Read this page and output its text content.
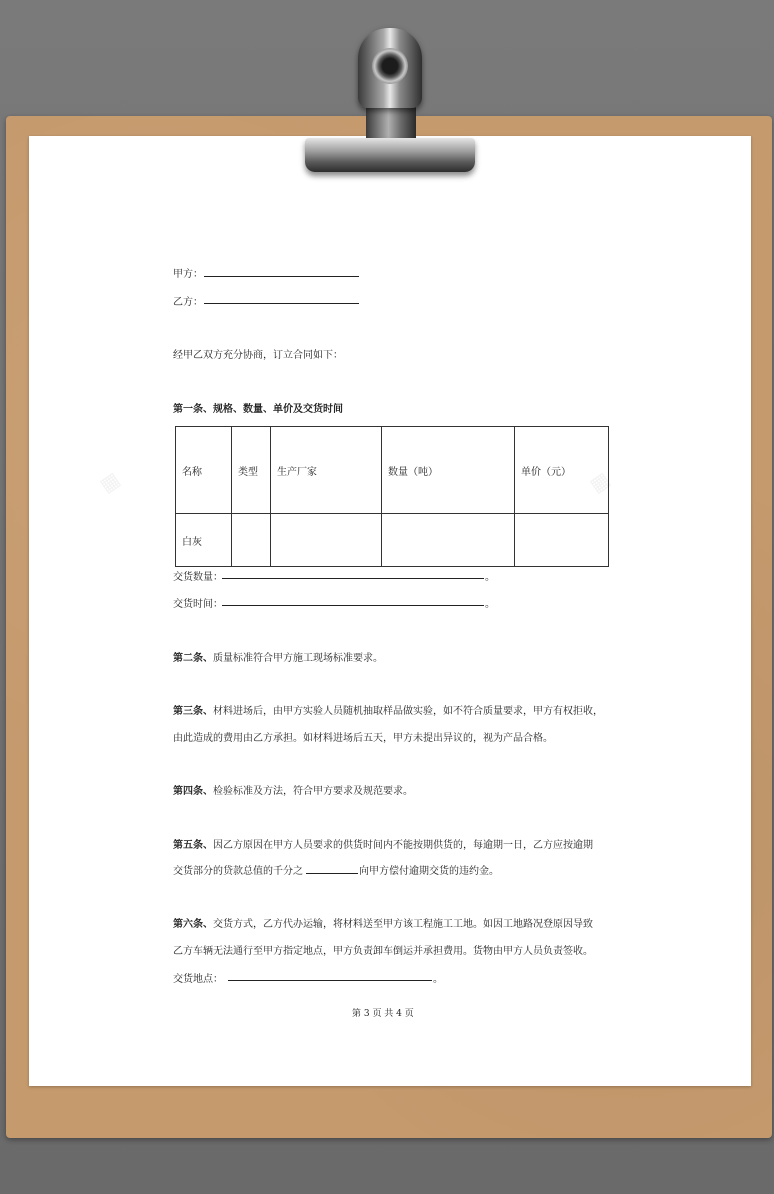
▦	▦
甲方：
乙方：
经甲乙双方充分协商，订立合同如下：
第一条、规格、数量、单价及交货时间
名称	类型	生产厂家	数量（吨）	单价（元）
白灰				
交货数量：	。
交货时间：	。
第二条、质量标准符合甲方施工现场标准要求。
第三条、材料进场后，由甲方实验人员随机抽取样品做实验，如不符合质量要求，甲方有权拒收，
由此造成的费用由乙方承担。如材料进场后五天，甲方未提出异议的，视为产品合格。
第四条、检验标准及方法，符合甲方要求及规范要求。
第五条、因乙方原因在甲方人员要求的供货时间内不能按期供货的，每逾期一日，乙方应按逾期
交货部分的贷款总值的千分之	向甲方偿付逾期交货的违约金。
第六条、交货方式，乙方代办运输，将材料送至甲方该工程施工工地。如因工地路况登原因导致
乙方车辆无法通行至甲方指定地点，甲方负责卸车倒运并承担费用。货物由甲方人员负责签收。
交货地点：	。
第 3 页 共 4 页
